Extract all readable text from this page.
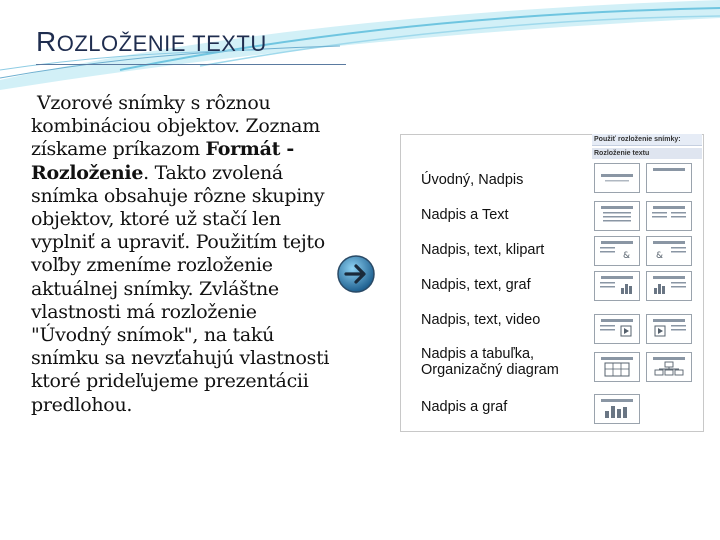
ROZLOŽENIE TEXTU

Vzorové snímky s rôznou kombináciou objektov. Zoznam získame príkazom Formát - Rozloženie. Takto zvolená snímka obsahuje rôzne skupiny objektov, ktoré už stačí len vyplniť a upraviť. Použitím tejto voľby zmeníme rozloženie aktuálnej snímky. Zvláštne vlastnosti má rozloženie "Úvodný snímok", na takú snímku sa nevzťahujú vlastnosti ktoré prideľujeme prezentácii predlohou.

Použiť rozloženie snímky:
Rozloženie textu
Úvodný, Nadpis
Nadpis a Text
Nadpis, text, klipart
Nadpis, text, graf
Nadpis, text, video
Nadpis a tabuľka, Organizačný diagram
Nadpis a graf
&	&
